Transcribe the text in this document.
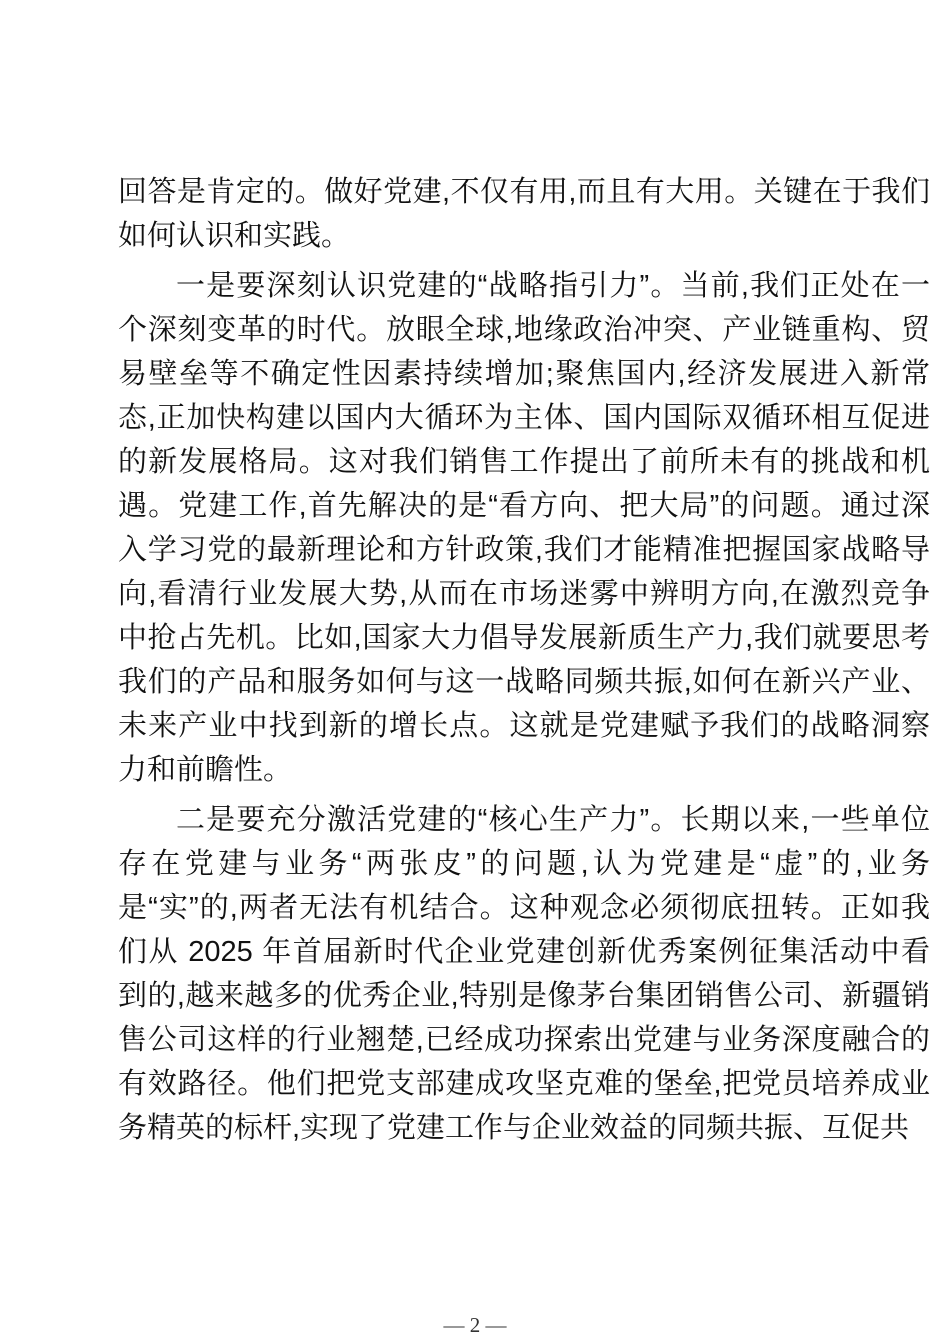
回答是肯定的。做好党建,不仅有用,而且有大用。关键在于我们
如何认识和实践。
一是要深刻认识党建的“战略指引力”。当前,我们正处在一
个深刻变革的时代。放眼全球,地缘政治冲突、产业链重构、贸
易壁垒等不确定性因素持续增加;聚焦国内,经济发展进入新常
态,正加快构建以国内大循环为主体、国内国际双循环相互促进
的新发展格局。这对我们销售工作提出了前所未有的挑战和机
遇。党建工作,首先解决的是“看方向、把大局”的问题。通过深
入学习党的最新理论和方针政策,我们才能精准把握国家战略导
向,看清行业发展大势,从而在市场迷雾中辨明方向,在激烈竞争
中抢占先机。比如,国家大力倡导发展新质生产力,我们就要思考
我们的产品和服务如何与这一战略同频共振,如何在新兴产业、
未来产业中找到新的增长点。这就是党建赋予我们的战略洞察
力和前瞻性。
二是要充分激活党建的“核心生产力”。长期以来,一些单位
存在党建与业务“两张皮”的问题,认为党建是“虚”的,业务
是“实”的,两者无法有机结合。这种观念必须彻底扭转。正如我
们从 2025 年首届新时代企业党建创新优秀案例征集活动中看
到的,越来越多的优秀企业,特别是像茅台集团销售公司、新疆销
售公司这样的行业翘楚,已经成功探索出党建与业务深度融合的
有效路径。他们把党支部建成攻坚克难的堡垒,把党员培养成业
务精英的标杆,实现了党建工作与企业效益的同频共振、互促共
— 2 —
